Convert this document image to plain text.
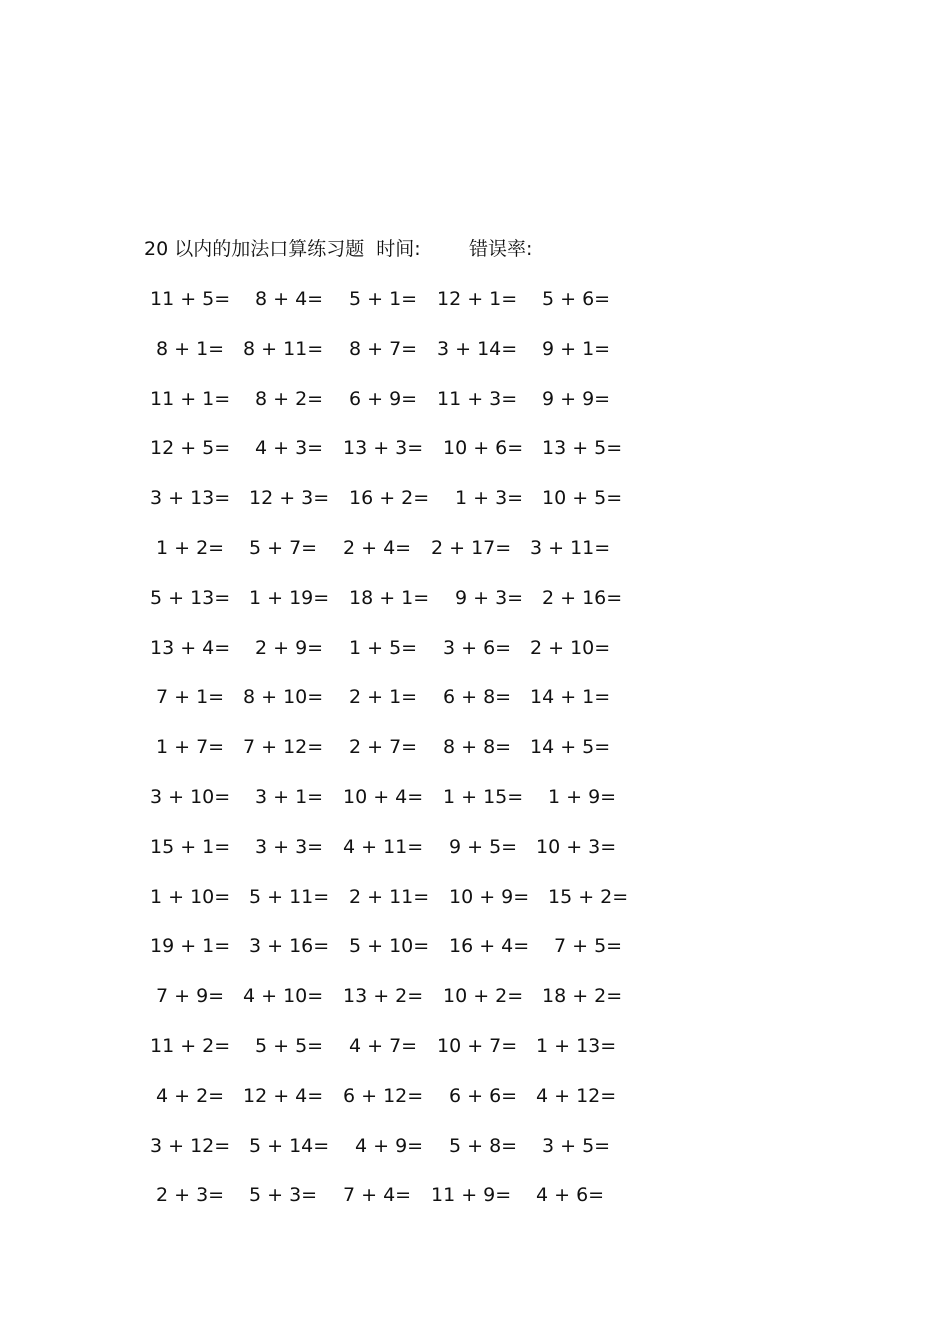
20 以内的加法口算练习题  时间:        错误率:
11 + 5= 8 + 4= 5 + 1= 12 + 1= 5 + 6=
8 + 1= 8 + 11= 8 + 7= 3 + 14= 9 + 1=
11 + 1= 8 + 2= 6 + 9= 11 + 3= 9 + 9=
12 + 5= 4 + 3= 13 + 3= 10 + 6= 13 + 5=
3 + 13= 12 + 3= 16 + 2= 1 + 3= 10 + 5=
1 + 2= 5 + 7= 2 + 4= 2 + 17= 3 + 11=
5 + 13= 1 + 19= 18 + 1= 9 + 3= 2 + 16=
13 + 4= 2 + 9= 1 + 5= 3 + 6= 2 + 10=
7 + 1= 8 + 10= 2 + 1= 6 + 8= 14 + 1=
1 + 7= 7 + 12= 2 + 7= 8 + 8= 14 + 5=
3 + 10= 3 + 1= 10 + 4= 1 + 15= 1 + 9=
15 + 1= 3 + 3= 4 + 11= 9 + 5= 10 + 3=
1 + 10= 5 + 11= 2 + 11= 10 + 9= 15 + 2=
19 + 1= 3 + 16= 5 + 10= 16 + 4= 7 + 5=
7 + 9= 4 + 10= 13 + 2= 10 + 2= 18 + 2=
11 + 2= 5 + 5= 4 + 7= 10 + 7= 1 + 13=
4 + 2= 12 + 4= 6 + 12= 6 + 6= 4 + 12=
3 + 12= 5 + 14= 4 + 9= 5 + 8= 3 + 5=
2 + 3= 5 + 3= 7 + 4= 11 + 9= 4 + 6=
